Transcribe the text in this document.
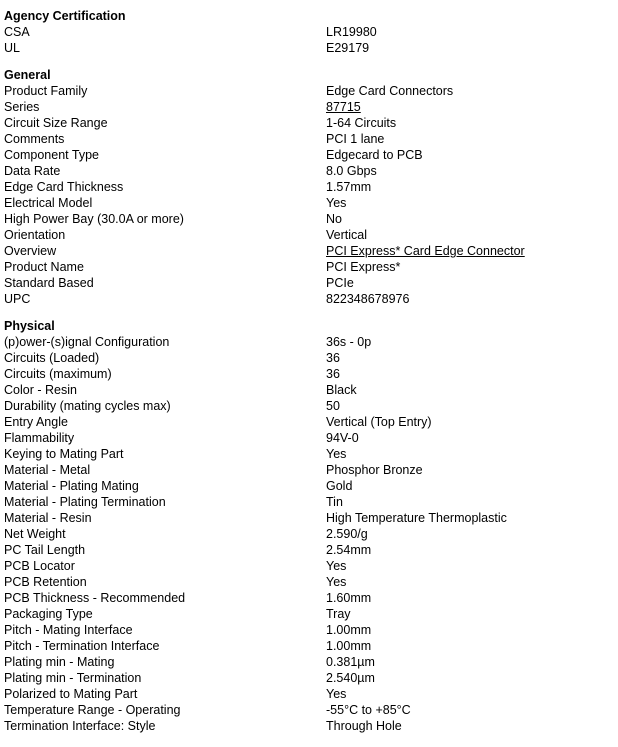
Agency Certification
CSA	LR19980
UL	E29179
General
Product Family	Edge Card Connectors
Series	87715
Circuit Size Range	1-64 Circuits
Comments	PCI 1 lane
Component Type	Edgecard to PCB
Data Rate	8.0 Gbps
Edge Card Thickness	1.57mm
Electrical Model	Yes
High Power Bay (30.0A or more)	No
Orientation	Vertical
Overview	PCI Express* Card Edge Connector
Product Name	PCI Express*
Standard Based	PCIe
UPC	822348678976
Physical
(p)ower-(s)ignal Configuration	36s - 0p
Circuits (Loaded)	36
Circuits (maximum)	36
Color - Resin	Black
Durability (mating cycles max)	50
Entry Angle	Vertical (Top Entry)
Flammability	94V-0
Keying to Mating Part	Yes
Material - Metal	Phosphor Bronze
Material - Plating Mating	Gold
Material - Plating Termination	Tin
Material - Resin	High Temperature Thermoplastic
Net Weight	2.590/g
PC Tail Length	2.54mm
PCB Locator	Yes
PCB Retention	Yes
PCB Thickness - Recommended	1.60mm
Packaging Type	Tray
Pitch - Mating Interface	1.00mm
Pitch - Termination Interface	1.00mm
Plating min - Mating	0.381µm
Plating min - Termination	2.540µm
Polarized to Mating Part	Yes
Temperature Range - Operating	-55°C to +85°C
Termination Interface: Style	Through Hole
